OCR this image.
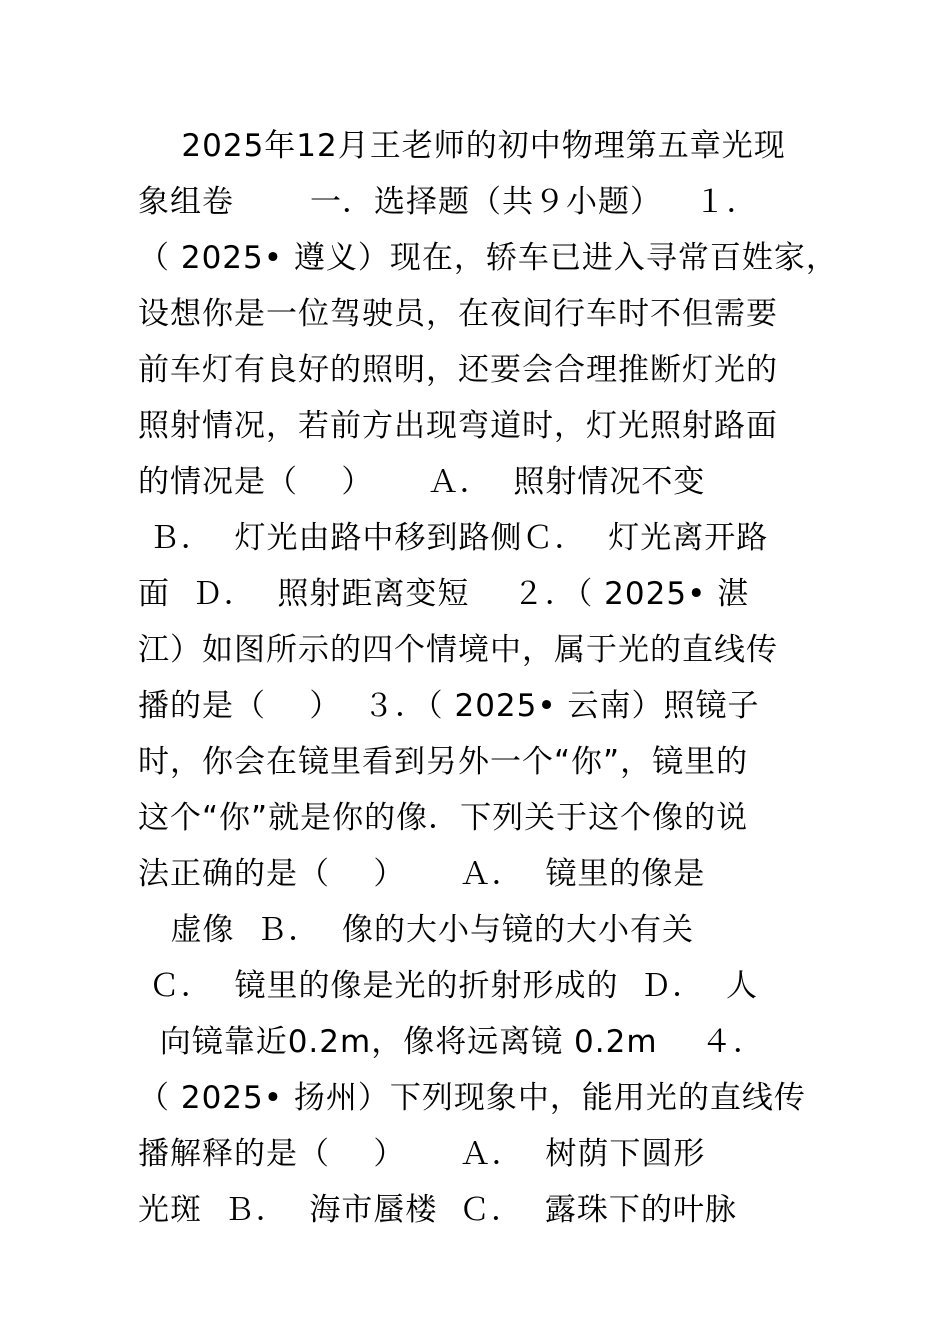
2025年12月王老师的初中物理第五章光现
象组卷       一．选择题（共９小题）   １．
（ 2025• 遵义）现在，轿车已进入寻常百姓家，
设想你是一位驾驶员，在夜间行车时不但需要
前车灯有良好的照明，还要会合理推断灯光的
照射情况，若前方出现弯道时，灯光照射路面
的情况是（    ）     Ａ．  照射情况不变
Ｂ．  灯光由路中移到路侧Ｃ．  灯光离开路
面  Ｄ．  照射距离变短    ２．（ 2025• 湛
江）如图所示的四个情境中，属于光的直线传
播的是（    ）  ３．（ 2025• 云南）照镜子
时，你会在镜里看到另外一个“你”，镜里的
这个“你”就是你的像．下列关于这个像的说
法正确的是（    ）     Ａ．  镜里的像是
虚像  Ｂ．  像的大小与镜的大小有关
Ｃ．  镜里的像是光的折射形成的  Ｄ．  人
向镜靠近0.2m，像将远离镜 0.2m    ４．
（ 2025• 扬州）下列现象中，能用光的直线传
播解释的是（    ）     Ａ．  树荫下圆形
光斑  Ｂ．  海市蜃楼  Ｃ．  露珠下的叶脉
